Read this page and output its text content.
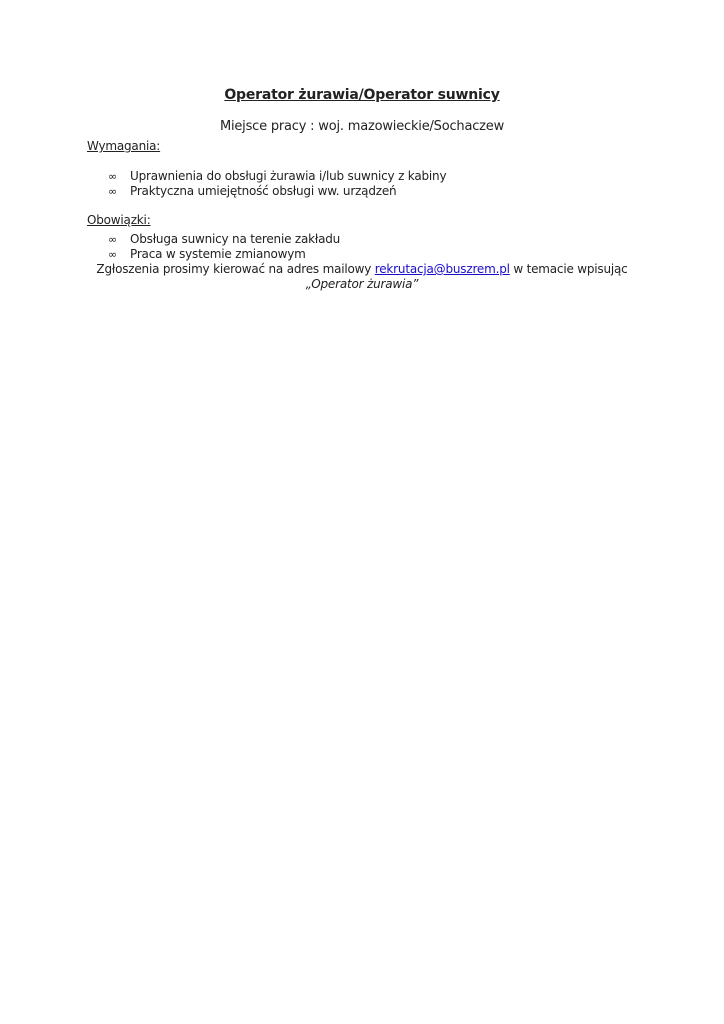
Operator żurawia/Operator suwnicy
Miejsce pracy : woj. mazowieckie/Sochaczew
Wymagania:
∞	Uprawnienia do obsługi żurawia i/lub suwnicy z kabiny
∞	Praktyczna umiejętność obsługi ww. urządzeń
Obowiązki:
∞	Obsługa suwnicy na terenie zakładu
∞	Praca w systemie zmianowym
Zgłoszenia prosimy kierować na adres mailowy rekrutacja@buszrem.pl w temacie wpisując
„Operator żurawia”
